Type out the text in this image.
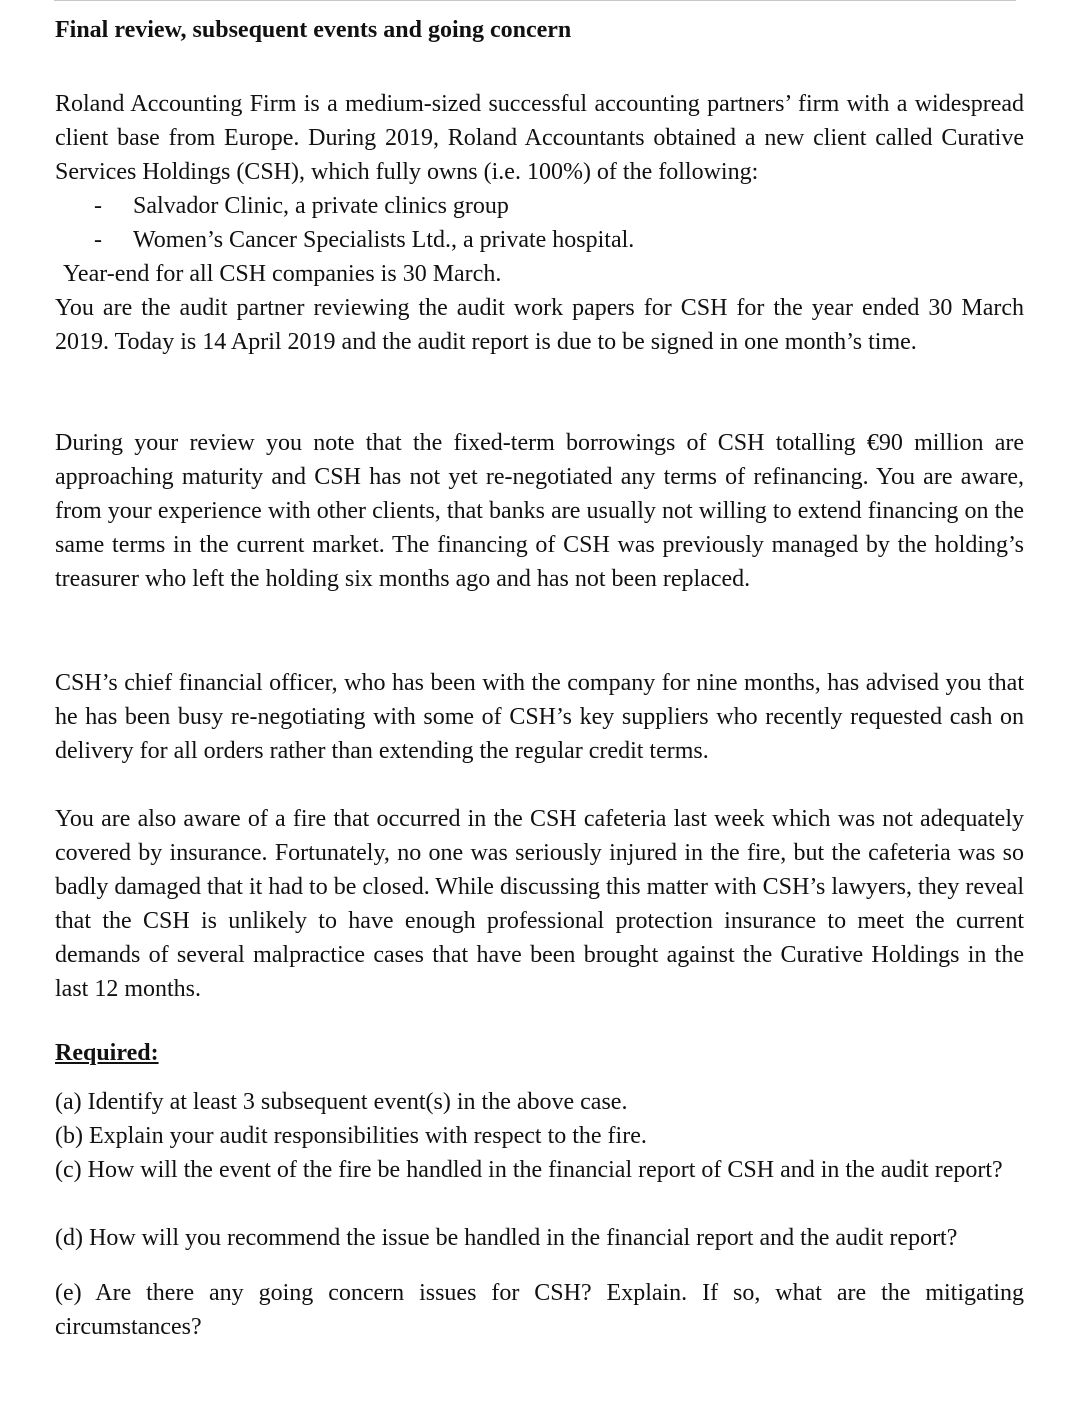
Final review, subsequent events and going concern

Roland Accounting Firm is a medium-sized successful accounting partners’ firm with a widespread client base from Europe. During 2019, Roland Accountants obtained a new client called Curative Services Holdings (CSH), which fully owns (i.e. 100%) of the following:

- Salvador Clinic, a private clinics group
- Women’s Cancer Specialists Ltd., a private hospital.
Year-end for all CSH companies is 30 March.

You are the audit partner reviewing the audit work papers for CSH for the year ended 30 March 2019. Today is 14 April 2019 and the audit report is due to be signed in one month’s time.

During your review you note that the fixed-term borrowings of CSH totalling €90 million are approaching maturity and CSH has not yet re-negotiated any terms of refinancing. You are aware, from your experience with other clients, that banks are usually not willing to extend financing on the same terms in the current market. The financing of CSH was previously managed by the holding’s treasurer who left the holding six months ago and has not been replaced.

CSH’s chief financial officer, who has been with the company for nine months, has advised you that he has been busy re-negotiating with some of CSH’s key suppliers who recently requested cash on delivery for all orders rather than extending the regular credit terms.

You are also aware of a fire that occurred in the CSH cafeteria last week which was not adequately covered by insurance. Fortunately, no one was seriously injured in the fire, but the cafeteria was so badly damaged that it had to be closed. While discussing this matter with CSH’s lawyers, they reveal that the CSH is unlikely to have enough professional protection insurance to meet the current demands of several malpractice cases that have been brought against the Curative Holdings in the last 12 months.

Required:

(a) Identify at least 3 subsequent event(s) in the above case.

(b) Explain your audit responsibilities with respect to the fire.

(c) How will the event of the fire be handled in the financial report of CSH and in the audit report?

(d) How will you recommend the issue be handled in the financial report and the audit report?

(e) Are there any going concern issues for CSH? Explain. If so, what are the mitigating circumstances?
